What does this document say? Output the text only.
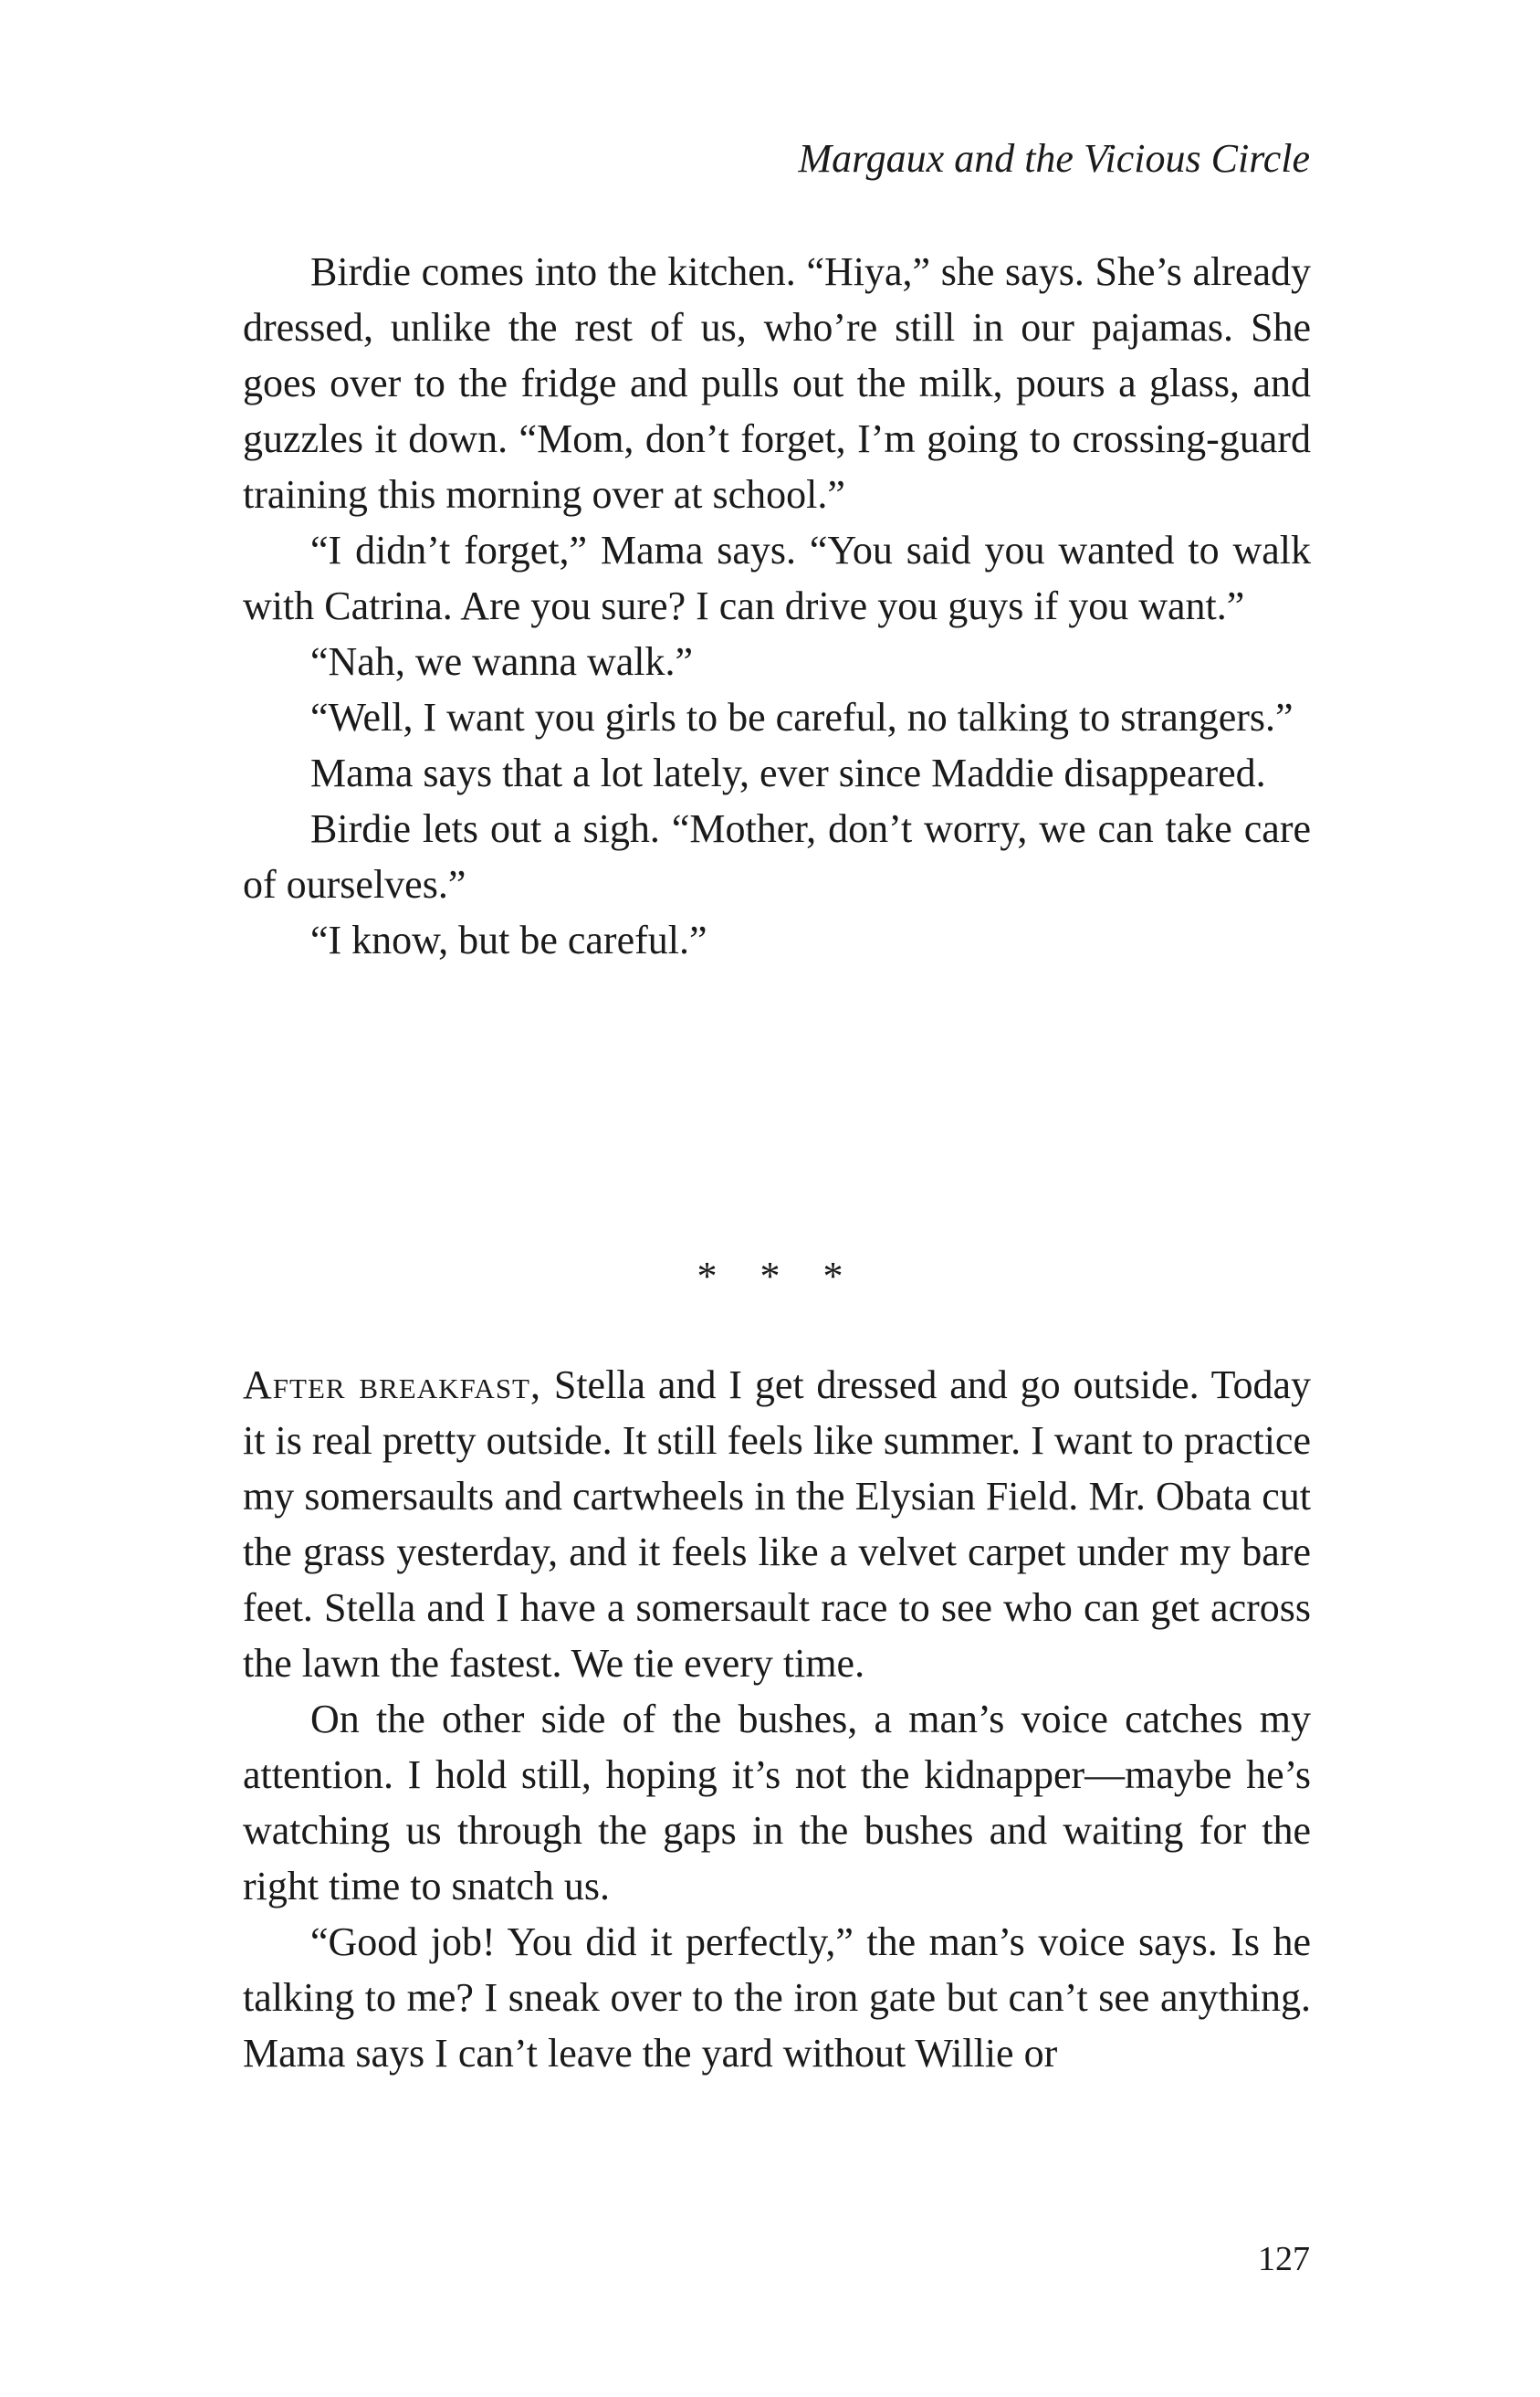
Margaux and the Vicious Circle

Birdie comes into the kitchen. “Hiya,” she says. She’s already dressed, unlike the rest of us, who’re still in our pajamas. She goes over to the fridge and pulls out the milk, pours a glass, and guzzles it down. “Mom, don’t forget, I’m going to crossing-guard training this morning over at school.”

“I didn’t forget,” Mama says. “You said you wanted to walk with Catrina. Are you sure? I can drive you guys if you want.”

“Nah, we wanna walk.”

“Well, I want you girls to be careful, no talking to strangers.”

Mama says that a lot lately, ever since Maddie disappeared.

Birdie lets out a sigh. “Mother, don’t worry, we can take care of ourselves.”

“I know, but be careful.”

* * *

After breakfast, Stella and I get dressed and go outside. Today it is real pretty outside. It still feels like summer. I want to practice my somersaults and cartwheels in the Elysian Field. Mr. Obata cut the grass yesterday, and it feels like a velvet carpet under my bare feet. Stella and I have a somersault race to see who can get across the lawn the fastest. We tie every time.

On the other side of the bushes, a man’s voice catches my attention. I hold still, hoping it’s not the kidnapper—maybe he’s watching us through the gaps in the bushes and waiting for the right time to snatch us.

“Good job! You did it perfectly,” the man’s voice says. Is he talking to me? I sneak over to the iron gate but can’t see anything. Mama says I can’t leave the yard without Willie or

127
